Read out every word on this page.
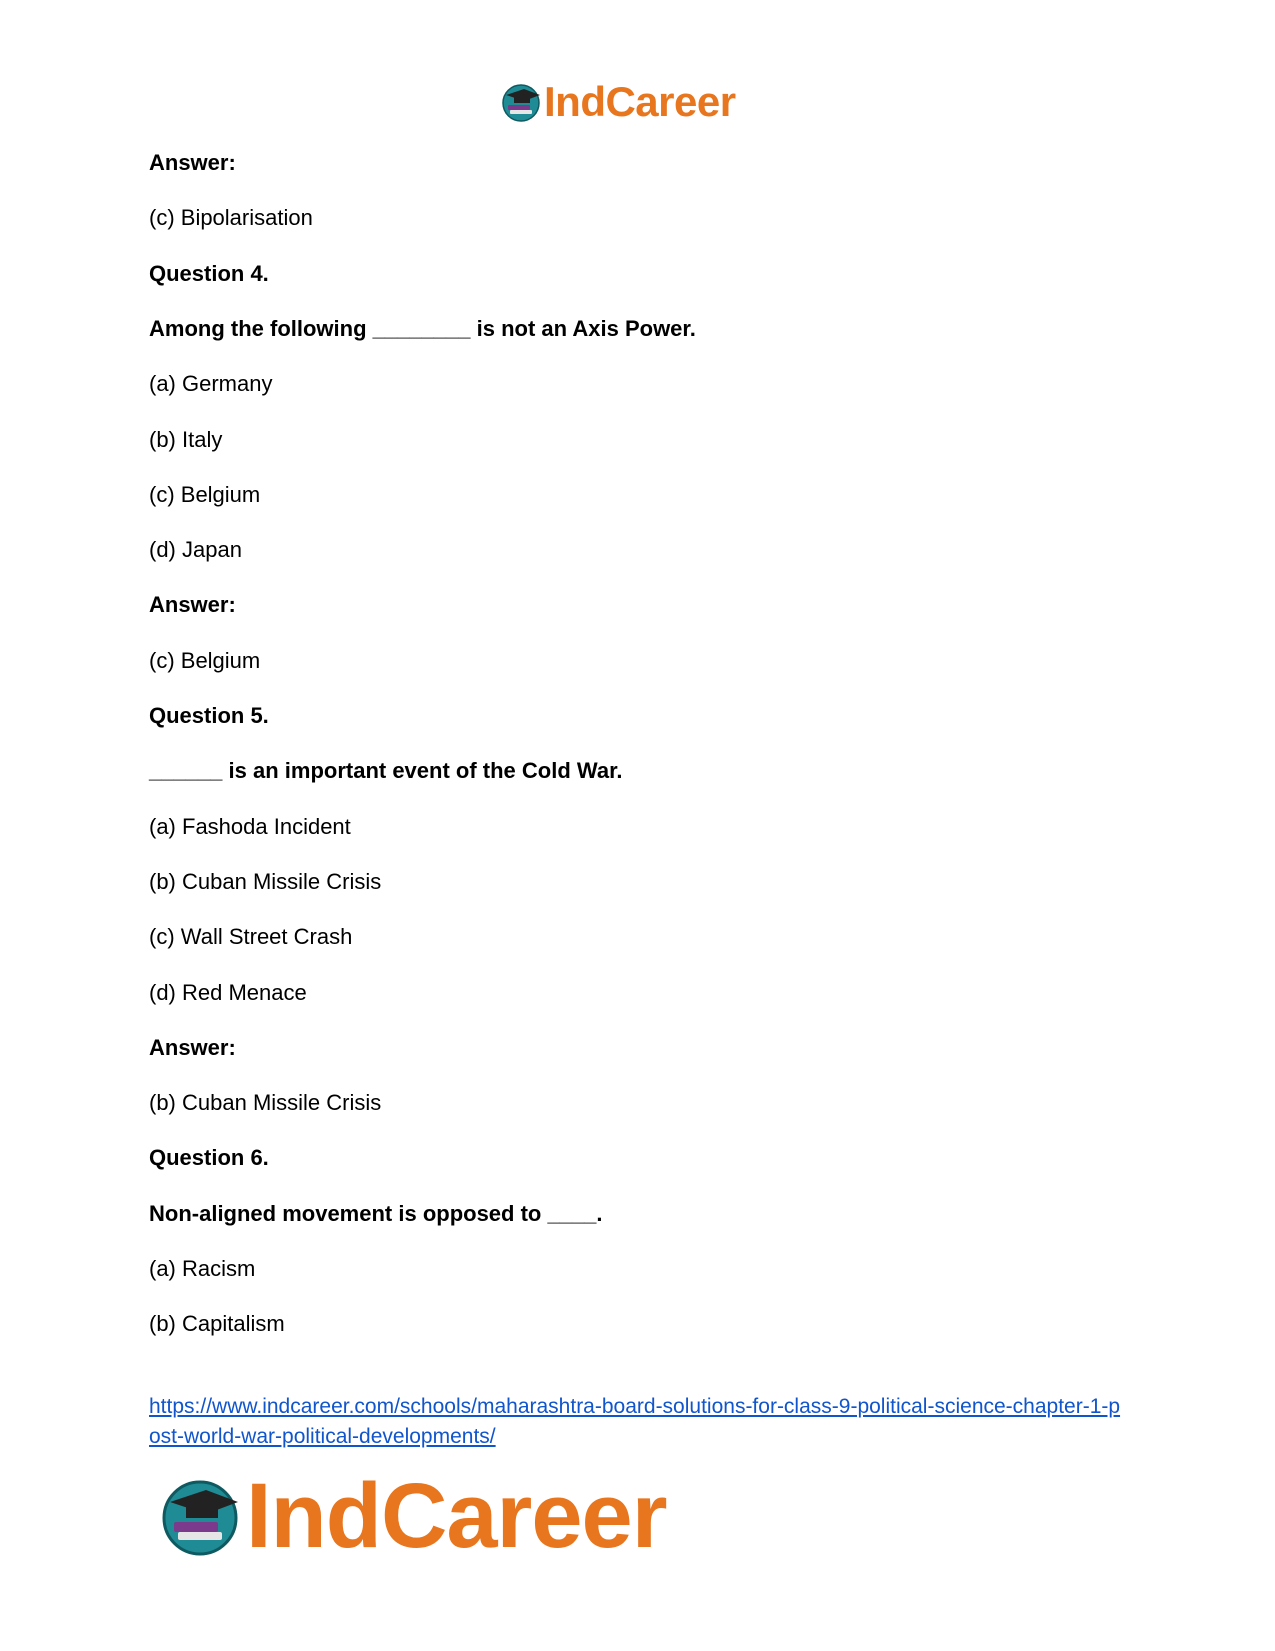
IndCareer
Answer:
(c) Bipolarisation
Question 4.
Among the following ________ is not an Axis Power.
(a) Germany
(b) Italy
(c) Belgium
(d) Japan
Answer:
(c) Belgium
Question 5.
______ is an important event of the Cold War.
(a) Fashoda Incident
(b) Cuban Missile Crisis
(c) Wall Street Crash
(d) Red Menace
Answer:
(b) Cuban Missile Crisis
Question 6.
Non-aligned movement is opposed to ____.
(a) Racism
(b) Capitalism
https://www.indcareer.com/schools/maharashtra-board-solutions-for-class-9-political-science-chapter-1-post-world-war-political-developments/
IndCareer
